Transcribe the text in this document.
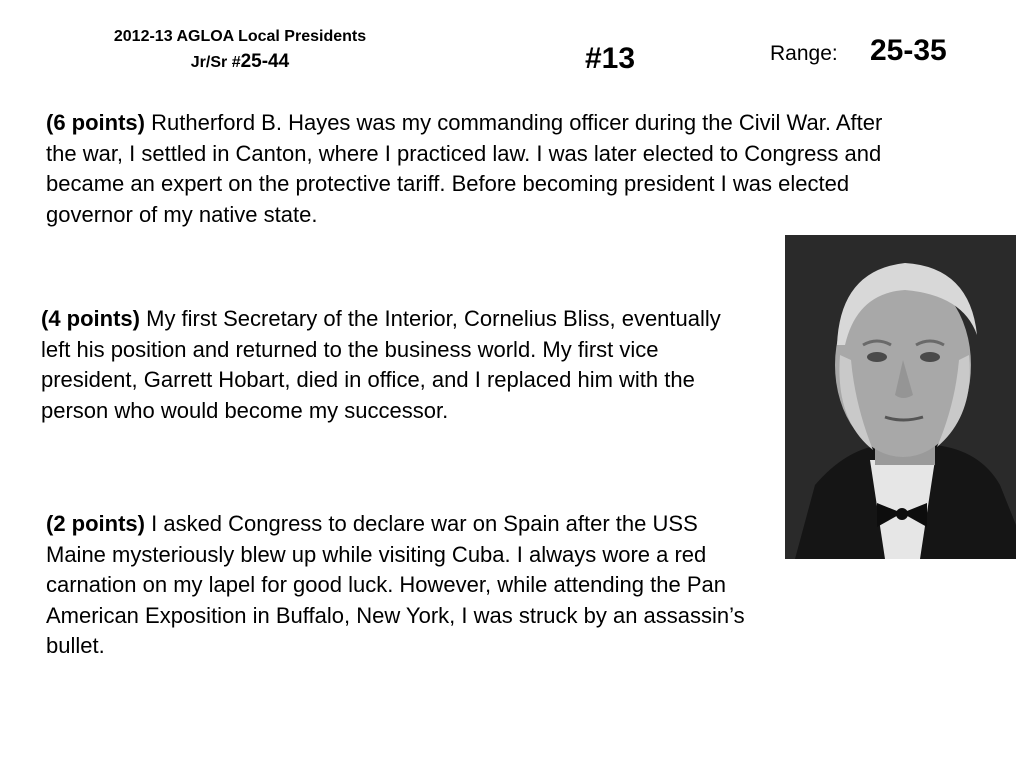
2012-13 AGLOA Local Presidents
Jr/Sr #25-44	#13	Range: 25-35
(6 points) Rutherford B. Hayes was my commanding officer during the Civil War. After the war, I settled in Canton, where I practiced law. I was later elected to Congress and became an expert on the protective tariff. Before becoming president I was elected governor of my native state.
(4 points) My first Secretary of the Interior, Cornelius Bliss, eventually left his position and returned to the business world. My first vice president, Garrett Hobart, died in office, and I replaced him with the person who would become my successor.
(2 points) I asked Congress to declare war on Spain after the USS Maine mysteriously blew up while visiting Cuba. I always wore a red carnation on my lapel for good luck. However, while attending the Pan American Exposition in Buffalo, New York, I was struck by an assassin’s bullet.
